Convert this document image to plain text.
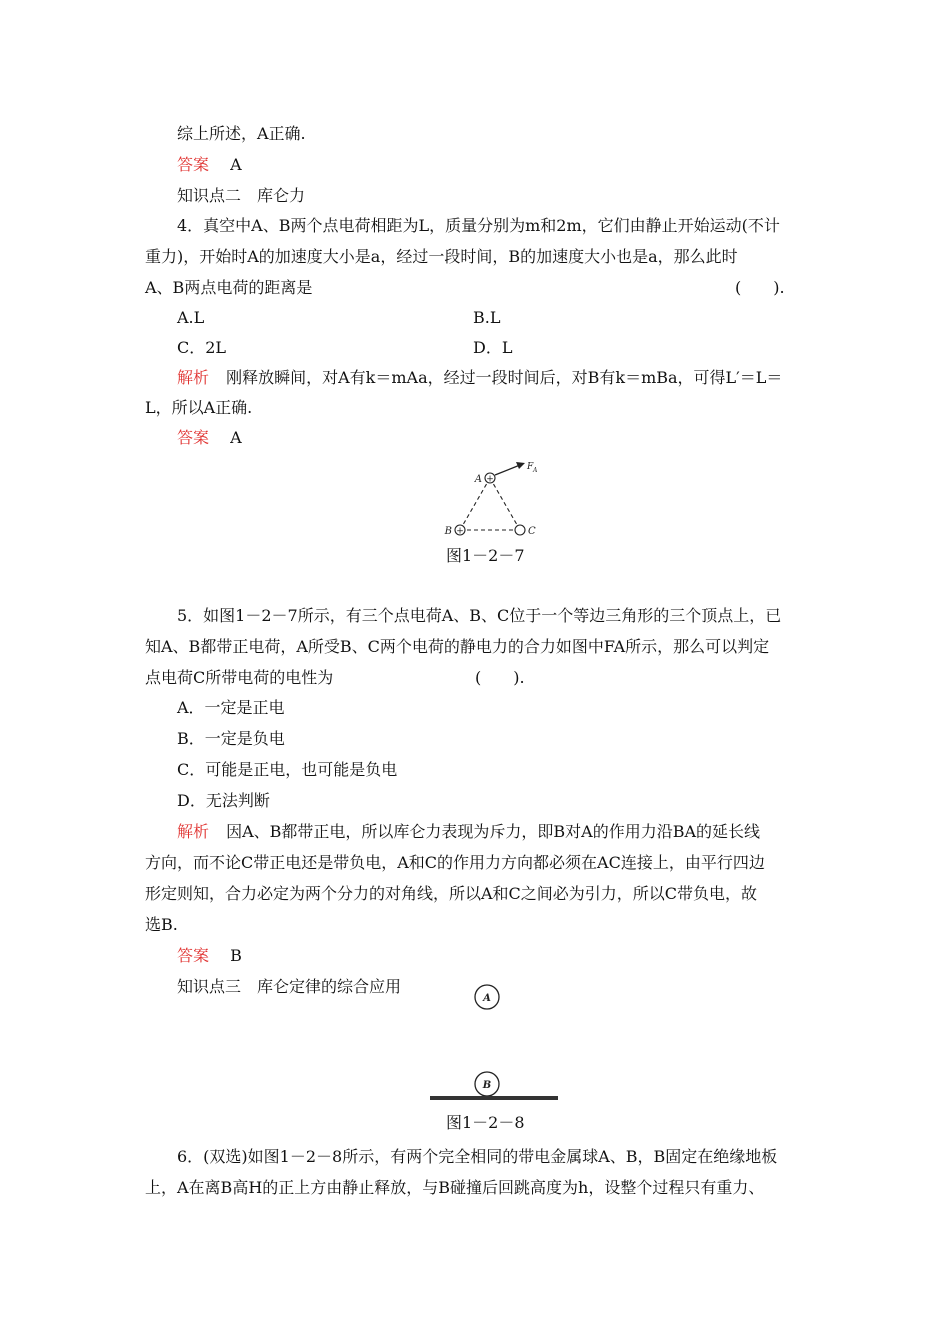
综上所述，A正确.
答案 A
知识点二　库仑力
4．真空中A、B两个点电荷相距为L，质量分别为m和2m，它们由静止开始运动(不计
重力)，开始时A的加速度大小是a，经过一段时间，B的加速度大小也是a，那么此时
A、B两点电荷的距离是	(　　).
A.L	B.L
C．2L	D．L
解析 刚释放瞬间，对A有k＝mAa，经过一段时间后，对B有k＝mBa，可得L′＝L＝
L，所以A正确.
答案 A
+
+
A
B	C
F A
图1－2－7
5．如图1－2－7所示，有三个点电荷A、B、C位于一个等边三角形的三个顶点上，已
知A、B都带正电荷，A所受B、C两个电荷的静电力的合力如图中FA所示，那么可以判定
点电荷C所带电荷的电性为	(　　).
A．一定是正电
B．一定是负电
C．可能是正电，也可能是负电
D．无法判断
解析 因A、B都带正电，所以库仑力表现为斥力，即B对A的作用力沿BA的延长线
方向，而不论C带正电还是带负电，A和C的作用力方向都必须在AC连接上，由平行四边
形定则知，合力必定为两个分力的对角线，所以A和C之间必为引力，所以C带负电，故
选B.
答案 B
知识点三　库仑定律的综合应用
A
B
图1－2－8
6．(双选)如图1－2－8所示，有两个完全相同的带电金属球A、B，B固定在绝缘地板
上，A在离B高H的正上方由静止释放，与B碰撞后回跳高度为h，设整个过程只有重力、
